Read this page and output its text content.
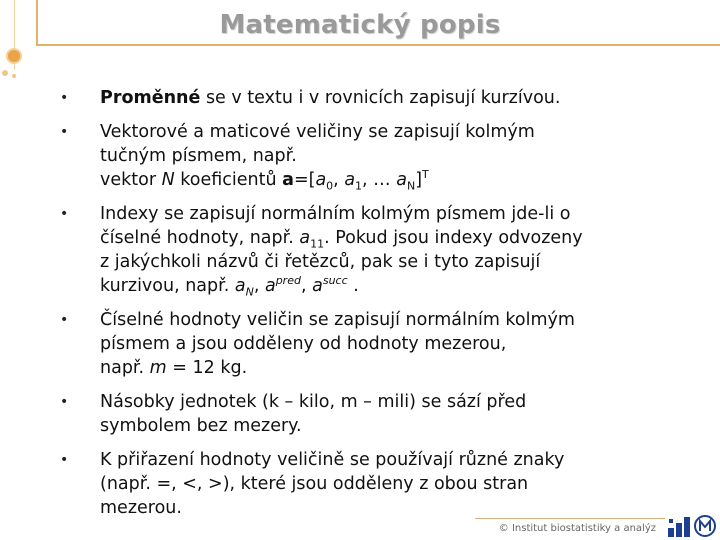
Matematický popis
• Proměnné se v textu i v rovnicích zapisují kurzívou.
• Vektorové a maticové veličiny se zapisují kolmým
tučným písmem, např.
vektor N koeficientů $a=[a_0$, $a_1$, … $a_N]^T$
• Indexy se zapisují normálním kolmým písmem jde-li o
číselné hodnoty, např. $a_{11}$. Pokud jsou indexy odvozeny
z jakýchkoli názvů či řetězců, pak se i tyto zapisují
kurzivou, např. $a_N$, $a^{pred}$, $a^{succ}$ .
• Číselné hodnoty veličin se zapisují normálním kolmým
písmem a jsou odděleny od hodnoty mezerou,
např. m = 12 kg.
• Násobky jednotek (k – kilo, m – mili) se sází před
symbolem bez mezery.
• K přiřazení hodnoty veličině se používají různé znaky
(např. =, <, >), které jsou odděleny z obou stran
mezerou.
© Institut biostatistiky a analýz
